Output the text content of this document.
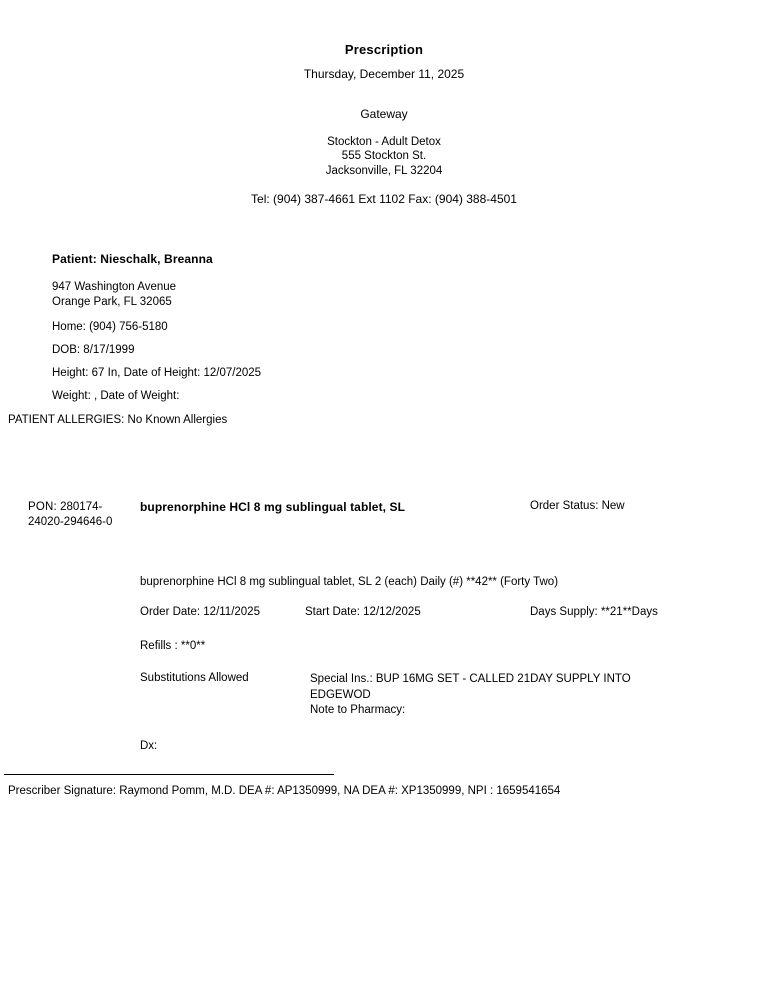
Prescription
Thursday, December 11, 2025
Gateway
Stockton - Adult Detox
555 Stockton St.
Jacksonville, FL 32204
Tel: (904) 387-4661 Ext 1102 Fax: (904) 388-4501
Patient: Nieschalk, Breanna
947 Washington Avenue
Orange Park, FL 32065
Home: (904) 756-5180
DOB: 8/17/1999
Height: 67 In, Date of Height: 12/07/2025
Weight: , Date of Weight:
PATIENT ALLERGIES: No Known Allergies
PON: 280174-
24020-294646-0
buprenorphine HCl 8 mg sublingual tablet, SL	Order Status: New
buprenorphine HCl 8 mg sublingual tablet, SL 2 (each) Daily (#) **42** (Forty Two)
Order Date: 12/11/2025	Start Date: 12/12/2025	Days Supply: **21**Days
Refills : **0**
Substitutions Allowed	Special Ins.: BUP 16MG SET - CALLED 21DAY SUPPLY INTO EDGEWOD
Note to Pharmacy:
Dx:
Prescriber Signature: Raymond Pomm, M.D. DEA #: AP1350999, NA DEA #: XP1350999, NPI : 1659541654
